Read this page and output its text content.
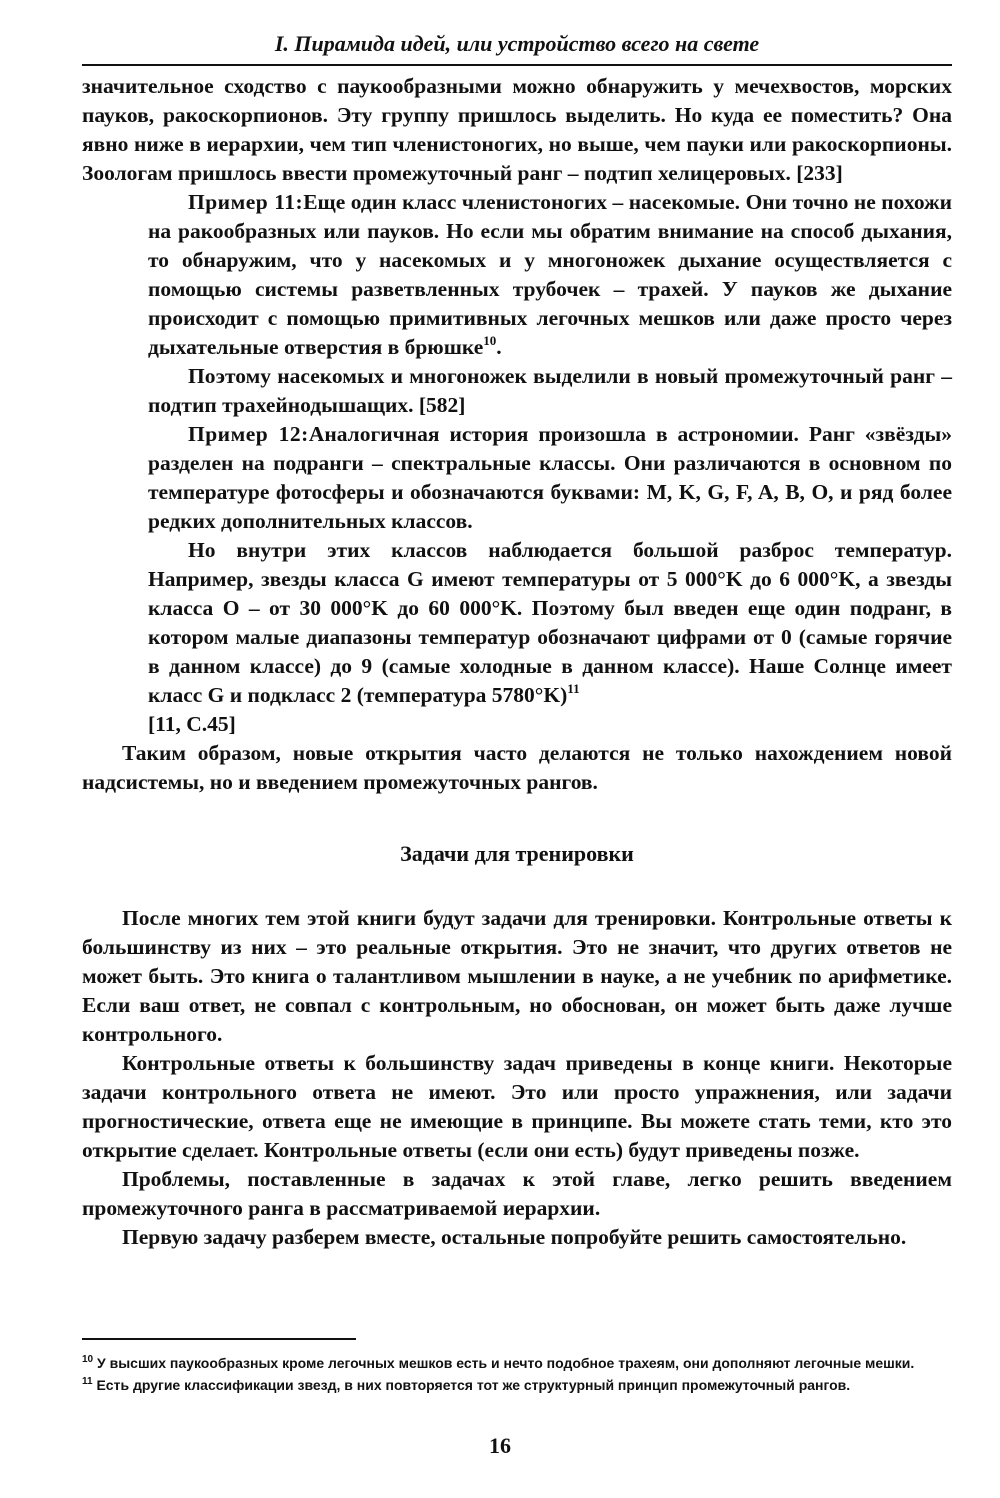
I. Пирамида идей, или устройство всего на свете

значительное сходство с паукообразными можно обнаружить у мечехвостов, морских пауков, ракоскорпионов. Эту группу пришлось выделить. Но куда ее поместить? Она явно ниже в иерархии, чем тип членистоногих, но выше, чем пауки или ракоскорпионы. Зоологам пришлось ввести промежуточный ранг – подтип хелицеровых. [233]

Пример 11:Еще один класс членистоногих – насекомые. Они точно не похожи на ракообразных или пауков. Но если мы обратим внимание на способ дыхания, то обнаружим, что у насекомых и у многоножек дыхание осуществляется с помощью системы разветвленных трубочек – трахей. У пауков же дыхание происходит с помощью примитивных легочных мешков или даже просто через дыхательные отверстия в брюшке$^{10}$.

Поэтому насекомых и многоножек выделили в новый промежуточный ранг – подтип трахейнодышащих. [582]

Пример 12:Аналогичная история произошла в астрономии. Ранг «звёзды» разделен на подранги – спектральные классы. Они различаются в основном по температуре фотосферы и обозначаются буквами: M, K, G, F, A, B, O, и ряд более редких дополнительных классов.

Но внутри этих классов наблюдается большой разброс температур. Например, звезды класса G имеют температуры от 5 000°K до 6 000°K, а звезды класса O – от 30 000°K до 60 000°K. Поэтому был введен еще один подранг, в котором малые диапазоны температур обозначают цифрами от 0 (самые горячие в данном классе) до 9 (самые холодные в данном классе). Наше Солнце имеет класс G и подкласс 2 (температура 5780°K)$^{11}$
[11, С.45]

Таким образом, новые открытия часто делаются не только нахождением новой надсистемы, но и введением промежуточных рангов.

Задачи для тренировки

После многих тем этой книги будут задачи для тренировки. Контрольные ответы к большинству из них – это реальные открытия. Это не значит, что других ответов не может быть. Это книга о талантливом мышлении в науке, а не учебник по арифметике. Если ваш ответ, не совпал с контрольным, но обоснован, он может быть даже лучше контрольного.

Контрольные ответы к большинству задач приведены в конце книги. Некоторые задачи контрольного ответа не имеют. Это или просто упражнения, или задачи прогностические, ответа еще не имеющие в принципе. Вы можете стать теми, кто это открытие сделает. Контрольные ответы (если они есть) будут приведены позже.

Проблемы, поставленные в задачах к этой главе, легко решить введением промежуточного ранга в рассматриваемой иерархии.

Первую задачу разберем вместе, остальные попробуйте решить самостоятельно.

$^{10}$ У высших паукообразных кроме легочных мешков есть и нечто подобное трахеям, они дополняют легочные мешки.

$^{11}$ Есть другие классификации звезд, в них повторяется тот же структурный принцип промежуточный рангов.

16
